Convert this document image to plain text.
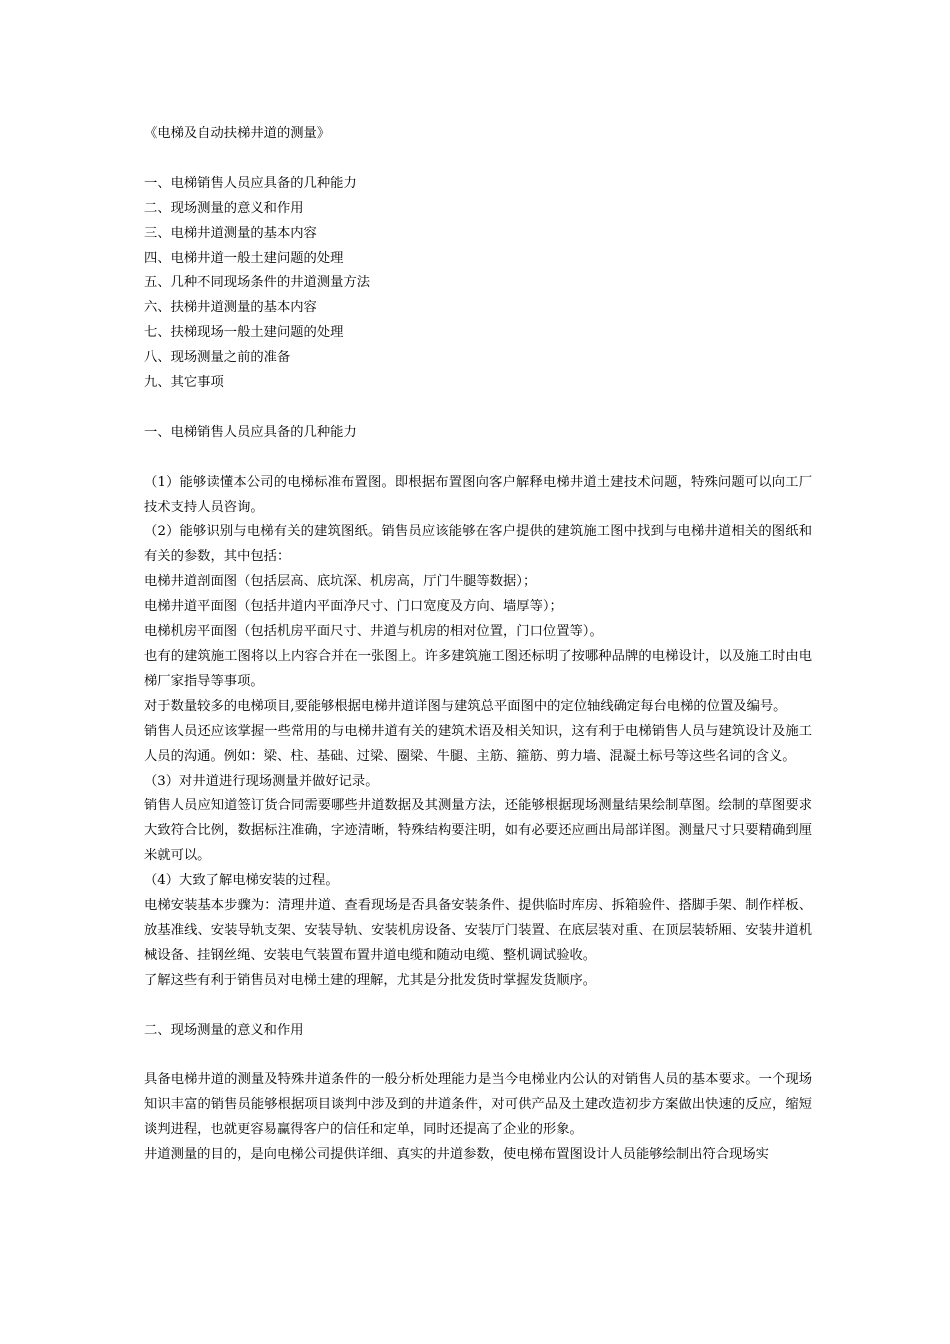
《电梯及自动扶梯井道的测量》

一、电梯销售人员应具备的几种能力

二、现场测量的意义和作用

三、电梯井道测量的基本内容

四、电梯井道一般土建问题的处理

五、几种不同现场条件的井道测量方法

六、扶梯井道测量的基本内容

七、扶梯现场一般土建问题的处理

八、现场测量之前的准备

九、其它事项

一、电梯销售人员应具备的几种能力

（1）能够读懂本公司的电梯标准布置图。即根据布置图向客户解释电梯井道土建技术问题，特殊问题可以向工厂技术支持人员咨询。

（2）能够识别与电梯有关的建筑图纸。销售员应该能够在客户提供的建筑施工图中找到与电梯井道相关的图纸和有关的参数，其中包括：

电梯井道剖面图（包括层高、底坑深、机房高，厅门牛腿等数据）；

电梯井道平面图（包括井道内平面净尺寸、门口宽度及方向、墙厚等）；

电梯机房平面图（包括机房平面尺寸、井道与机房的相对位置，门口位置等）。

也有的建筑施工图将以上内容合并在一张图上。许多建筑施工图还标明了按哪种品牌的电梯设计，以及施工时由电梯厂家指导等事项。

对于数量较多的电梯项目,要能够根据电梯井道详图与建筑总平面图中的定位轴线确定每台电梯的位置及编号。

销售人员还应该掌握一些常用的与电梯井道有关的建筑术语及相关知识，这有利于电梯销售人员与建筑设计及施工人员的沟通。例如：梁、柱、基础、过梁、圈梁、牛腿、主筋、箍筋、剪力墙、混凝土标号等这些名词的含义。

（3）对井道进行现场测量并做好记录。

销售人员应知道签订货合同需要哪些井道数据及其测量方法，还能够根据现场测量结果绘制草图。绘制的草图要求大致符合比例，数据标注准确，字迹清晰，特殊结构要注明，如有必要还应画出局部详图。测量尺寸只要精确到厘米就可以。

（4）大致了解电梯安装的过程。

电梯安装基本步骤为：清理井道、查看现场是否具备安装条件、提供临时库房、拆箱验件、搭脚手架、制作样板、放基准线、安装导轨支架、安装导轨、安装机房设备、安装厅门装置、在底层装对重、在顶层装轿厢、安装井道机械设备、挂钢丝绳、安装电气装置布置井道电缆和随动电缆、整机调试验收。

了解这些有利于销售员对电梯土建的理解，尤其是分批发货时掌握发货顺序。

二、现场测量的意义和作用

具备电梯井道的测量及特殊井道条件的一般分析处理能力是当今电梯业内公认的对销售人员的基本要求。一个现场知识丰富的销售员能够根据项目谈判中涉及到的井道条件，对可供产品及土建改造初步方案做出快速的反应，缩短谈判进程，也就更容易赢得客户的信任和定单，同时还提高了企业的形象。

井道测量的目的，是向电梯公司提供详细、真实的井道参数，使电梯布置图设计人员能够绘制出符合现场实
